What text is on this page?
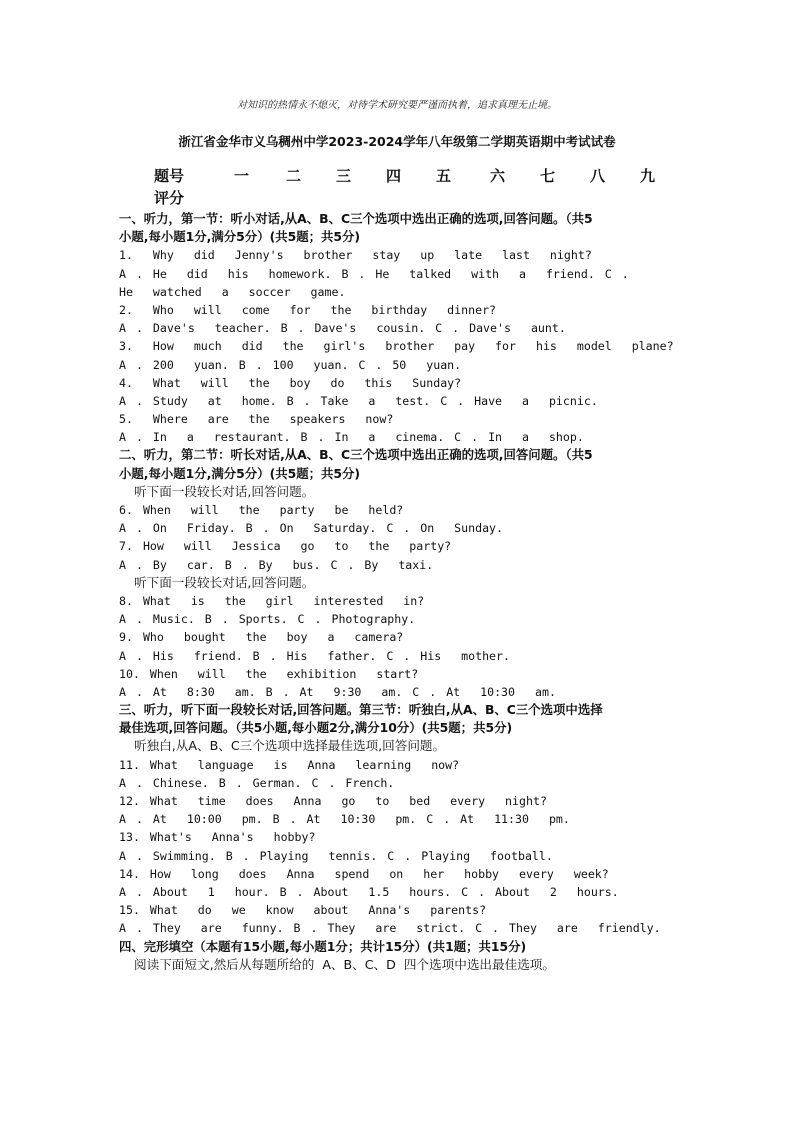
对知识的热情永不熄灭，对待学术研究要严谨而执着，追求真理无止境。
浙江省金华市义乌稠州中学2023-2024学年八年级第二学期英语期中考试试卷
题号	一 二 三 四 五	六 七 八 九
评分
一、听力，第一节：听小对话,从A、B、C三个选项中选出正确的选项,回答问题。（共5
小题,每小题1分,满分5分）(共5题；共5分)
1.  Why  did  Jenny's  brother  stay  up  late  last  night?
A . He  did  his  homework. B . He  talked  with  a  friend. C .
He  watched  a  soccer  game.
2.  Who  will  come  for  the  birthday  dinner?
A . Dave's  teacher. B . Dave's  cousin. C . Dave's  aunt.
3.  How  much  did  the  girl's  brother  pay  for  his  model  plane?
A . 200  yuan. B . 100  yuan. C . 50  yuan.
4.  What  will  the  boy  do  this  Sunday?
A . Study  at  home. B . Take  a  test. C . Have  a  picnic.
5.  Where  are  the  speakers  now?
A . In  a  restaurant. B . In  a  cinema. C . In  a  shop.
二、听力，第二节：听长对话,从A、B、C三个选项中选出正确的选项,回答问题。（共5
小题,每小题1分,满分5分）(共5题；共5分)
听下面一段较长对话,回答问题。
6. When  will  the  party  be  held?
A . On  Friday. B . On  Saturday. C . On  Sunday.
7. How  will  Jessica  go  to  the  party?
A . By  car. B . By  bus. C . By  taxi.
听下面一段较长对话,回答问题。
8. What  is  the  girl  interested  in?
A . Music. B . Sports. C . Photography.
9. Who  bought  the  boy  a  camera?
A . His  friend. B . His  father. C . His  mother.
10. When  will  the  exhibition  start?
A . At  8:30  am. B . At  9:30  am. C . At  10:30  am.
三、听力，听下面一段较长对话,回答问题。第三节：听独白,从A、B、C三个选项中选择
最佳选项,回答问题。（共5小题,每小题2分,满分10分）(共5题；共5分)
听独白,从A、B、C三个选项中选择最佳选项,回答问题。
11. What  language  is  Anna  learning  now?
A . Chinese. B . German. C . French.
12. What  time  does  Anna  go  to  bed  every  night?
A . At  10:00  pm. B . At  10:30  pm. C . At  11:30  pm.
13. What's  Anna's  hobby?
A . Swimming. B . Playing  tennis. C . Playing  football.
14. How  long  does  Anna  spend  on  her  hobby  every  week?
A . About  1  hour. B . About  1.5  hours. C . About  2  hours.
15. What  do  we  know  about  Anna's  parents?
A . They  are  funny. B . They  are  strict. C . They  are  friendly.
四、完形填空（本题有15小题,每小题1分；共计15分）(共1题；共15分)
阅读下面短文,然后从每题所给的  A、B、C、D  四个选项中选出最佳选项。
